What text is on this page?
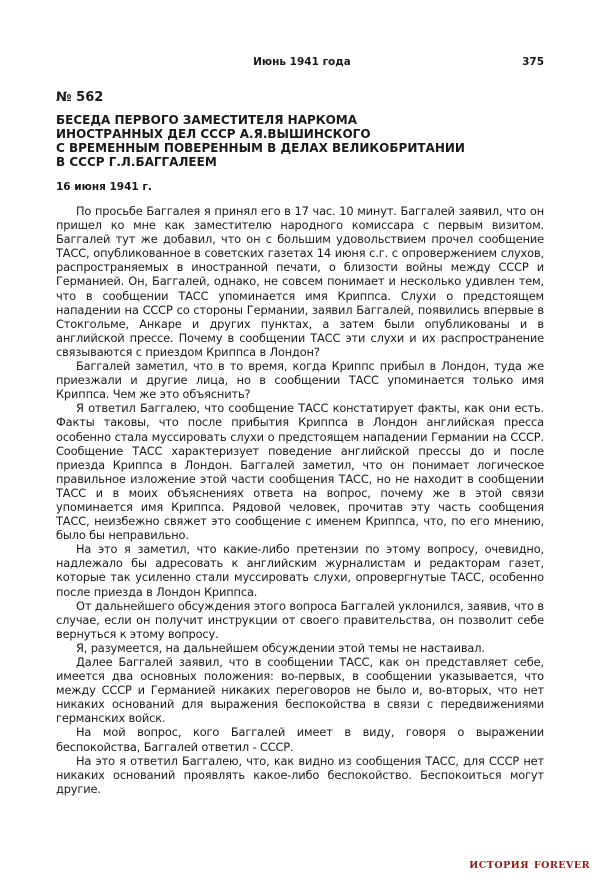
Июнь 1941 года	375
№ 562
БЕСЕДА ПЕРВОГО ЗАМЕСТИТЕЛЯ НАРКОМА
ИНОСТРАННЫХ ДЕЛ СССР А.Я.ВЫШИНСКОГО
С ВРЕМЕННЫМ ПОВЕРЕННЫМ В ДЕЛАХ ВЕЛИКОБРИТАНИИ
В СССР Г.Л.БАГГАЛЕЕМ
16 июня 1941 г.

По просьбе Баггалея я принял его в 17 час. 10 минут. Баггалей заявил, что он пришел ко мне как заместителю народного комиссара с первым визитом. Баггалей тут же добавил, что он с большим удовольствием прочел сообщение ТАСС, опубликованное в советских газетах 14 июня с.г. с опровержением слухов, распространяемых в иностранной печати, о близости войны между СССР и Германией. Он, Баггалей, однако, не совсем понимает и несколько удивлен тем, что в сообщении ТАСС упоминается имя Криппса. Слухи о предстоящем нападении на СССР со стороны Германии, заявил Баггалей, появились впервые в Стокгольме, Анкаре и других пунктах, а затем были опубликованы и в английской прессе. Почему в сообщении ТАСС эти слухи и их распространение связываются с приездом Криппса в Лондон?

Баггалей заметил, что в то время, когда Криппс прибыл в Лондон, туда же приезжали и другие лица, но в сообщении ТАСС упоминается только имя Криппса. Чем же это объяснить?

Я ответил Баггалею, что сообщение ТАСС констатирует факты, как они есть. Факты таковы, что после прибытия Криппса в Лондон английская пресса особенно стала муссировать слухи о предстоящем нападении Германии на СССР. Сообщение ТАСС характеризует поведение английской прессы до и после приезда Криппса в Лондон. Баггалей заметил, что он понимает логическое правильное изложение этой части сообщения ТАСС, но не находит в сообщении ТАСС и в моих объяснениях ответа на вопрос, почему же в этой связи упоминается имя Криппса. Рядовой человек, прочитав эту часть сообщения ТАСС, неизбежно свяжет это сообщение с именем Криппса, что, по его мнению, было бы неправильно.

На это я заметил, что какие-либо претензии по этому вопросу, очевидно, надлежало бы адресовать к английским журналистам и редакторам газет, которые так усиленно стали муссировать слухи, опровергнутые ТАСС, особенно после приезда в Лондон Криппса.

От дальнейшего обсуждения этого вопроса Баггалей уклонился, заявив, что в случае, если он получит инструкции от своего правительства, он позволит себе вернуться к этому вопросу.

Я, разумеется, на дальнейшем обсуждении этой темы не настаивал.

Далее Баггалей заявил, что в сообщении ТАСС, как он представляет себе, имеется два основных положения: во-первых, в сообщении указывается, что между СССР и Германией никаких переговоров не было и, во-вторых, что нет никаких оснований для выражения беспокойства в связи с передвижениями германских войск.

На мой вопрос, кого Баггалей имеет в виду, говоря о выражении беспокойства, Баггалей ответил - СССР.

На это я ответил Баггалею, что, как видно из сообщения ТАСС, для СССР нет никаких оснований проявлять какое-либо беспокойство. Беспокоиться могут другие.

ИСТОРИЯ FOREVER
